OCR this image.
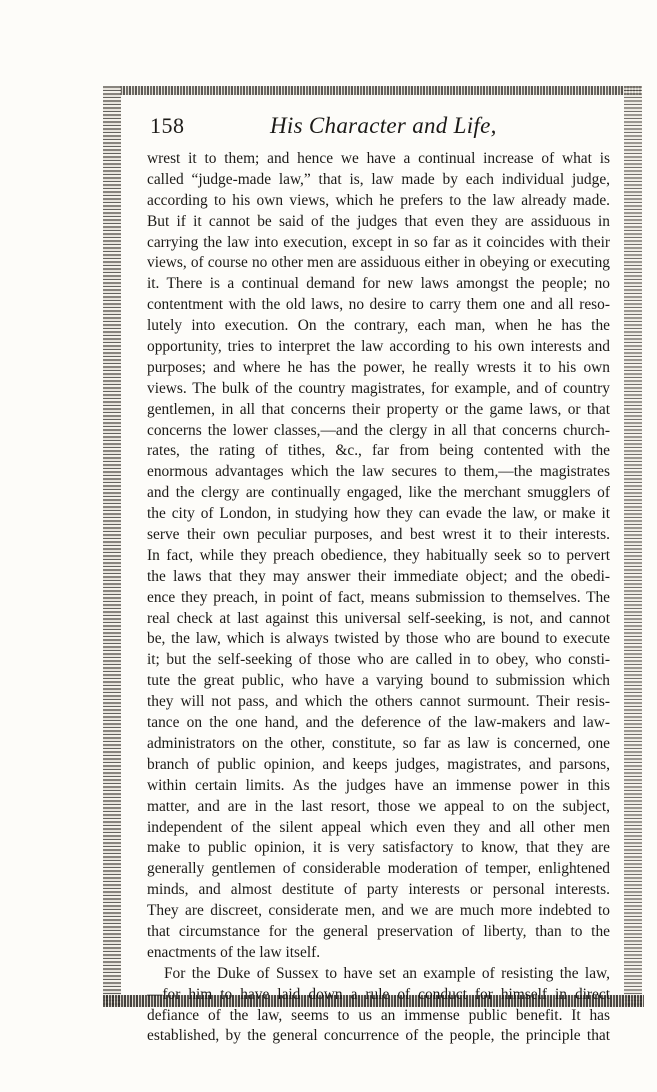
158	His Character and Life,
wrest it to them; and hence we have a continual increase of what is
called “judge-made law,” that is, law made by each individual judge,
according to his own views, which he prefers to the law already made.
But if it cannot be said of the judges that even they are assiduous in
carrying the law into execution, except in so far as it coincides with their
views, of course no other men are assiduous either in obeying or executing
it. There is a continual demand for new laws amongst the people; no
contentment with the old laws, no desire to carry them one and all reso-
lutely into execution. On the contrary, each man, when he has the
opportunity, tries to interpret the law according to his own interests and
purposes; and where he has the power, he really wrests it to his own
views. The bulk of the country magistrates, for example, and of country
gentlemen, in all that concerns their property or the game laws, or that
concerns the lower classes,—and the clergy in all that concerns church-
rates, the rating of tithes, &c., far from being contented with the
enormous advantages which the law secures to them,—the magistrates
and the clergy are continually engaged, like the merchant smugglers of
the city of London, in studying how they can evade the law, or make it
serve their own peculiar purposes, and best wrest it to their interests.
In fact, while they preach obedience, they habitually seek so to pervert
the laws that they may answer their immediate object; and the obedi-
ence they preach, in point of fact, means submission to themselves. The
real check at last against this universal self-seeking, is not, and cannot
be, the law, which is always twisted by those who are bound to execute
it; but the self-seeking of those who are called in to obey, who consti-
tute the great public, who have a varying bound to submission which
they will not pass, and which the others cannot surmount. Their resis-
tance on the one hand, and the deference of the law-makers and law-
administrators on the other, constitute, so far as law is concerned, one
branch of public opinion, and keeps judges, magistrates, and parsons,
within certain limits. As the judges have an immense power in this
matter, and are in the last resort, those we appeal to on the subject,
independent of the silent appeal which even they and all other men
make to public opinion, it is very satisfactory to know, that they are
generally gentlemen of considerable moderation of temper, enlightened
minds, and almost destitute of party interests or personal interests.
They are discreet, considerate men, and we are much more indebted to
that circumstance for the general preservation of liberty, than to the
enactments of the law itself.
For the Duke of Sussex to have set an example of resisting the law,
—for him to have laid down a rule of conduct for himself in direct
defiance of the law, seems to us an immense public benefit. It has
established, by the general concurrence of the people, the principle that
